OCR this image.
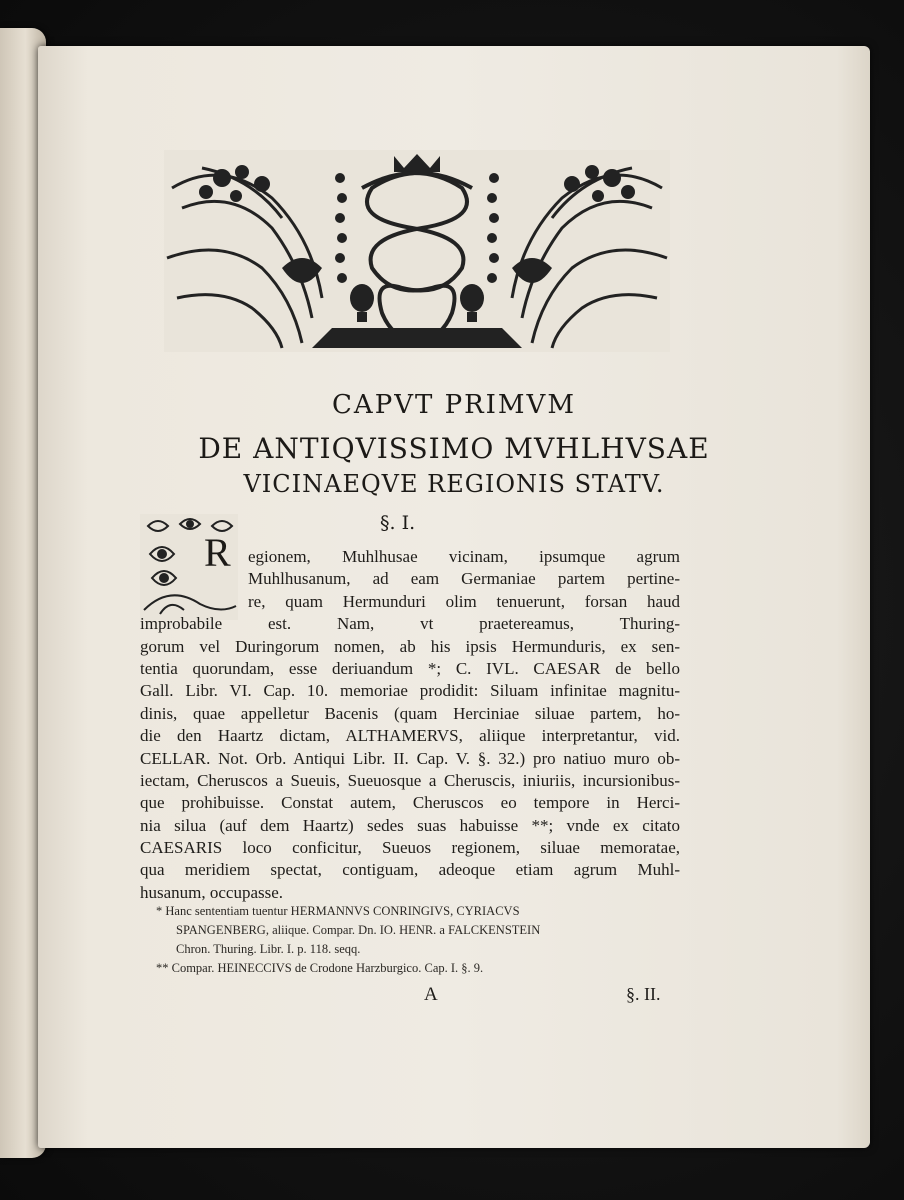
CAPVT PRIMVM
DE ANTIQVISSIMO MVHLHVSAE
VICINAEQVE REGIONIS STATV.
§. I.
R	egionem, Muhlhusae vicinam, ipsumque agrum
Muhlhusanum, ad eam Germaniae partem pertine-
re, quam Hermunduri olim tenuerunt, forsan haud
improbabile est. Nam, vt praetereamus, Thuring-
gorum vel Duringorum nomen, ab his ipsis Hermunduris, ex sen-
tentia quorundam, esse deriuandum *; C. IVL. CAESAR de bello
Gall. Libr. VI. Cap. 10. memoriae prodidit: Siluam infinitae magnitu-
dinis, quae appelletur Bacenis (quam Herciniae siluae partem, ho-
die den Haartz dictam, ALTHAMERVS, aliique interpretantur, vid.
CELLAR. Not. Orb. Antiqui Libr. II. Cap. V. §. 32.) pro natiuo muro ob-
iectam, Cheruscos a Sueuis, Sueuosque a Cheruscis, iniuriis, incursionibus-
que prohibuisse. Constat autem, Cheruscos eo tempore in Herci-
nia silua (auf dem Haartz) sedes suas habuisse **; vnde ex citato
CAESARIS loco conficitur, Sueuos regionem, siluae memoratae,
qua meridiem spectat, contiguam, adeoque etiam agrum Muhl-
husanum, occupasse.
* Hanc sententiam tuentur HERMANNVS CONRINGIVS, CYRIACVS
SPANGENBERG, aliique. Compar. Dn. IO. HENR. a FALCKENSTEIN
Chron. Thuring. Libr. I. p. 118. seqq.
** Compar. HEINECCIVS de Crodone Harzburgico. Cap. I. §. 9.
A	§. II.
